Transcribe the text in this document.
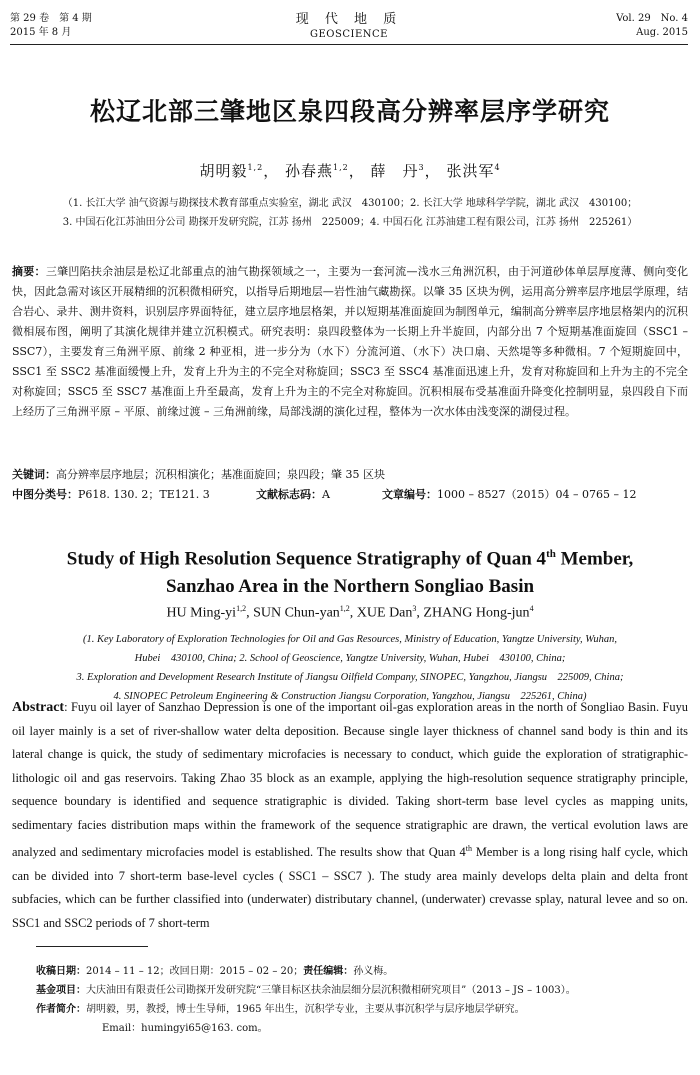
第 29 卷　第 4 期
2015 年 8 月
现 代 地 质
GEOSCIENCE
Vol. 29　No. 4
Aug. 2015
松辽北部三肇地区泉四段高分辨率层序学研究
胡明毅$^{1,2}$， 孙春燕$^{1,2}$， 薛　丹$^3$， 张洪军$^4$
（1. 长江大学 油气资源与勘探技术教育部重点实验室，湖北 武汉　430100；2. 长江大学 地球科学学院，湖北 武汉　430100；
3. 中国石化江苏油田分公司 勘探开发研究院，江苏 扬州　225009；4. 中国石化 江苏油建工程有限公司，江苏 扬州　225261）
摘要：三肇凹陷扶余油层是松辽北部重点的油气勘探领域之一，主要为一套河流—浅水三角洲沉积，由于河道砂体单层厚度薄、侧向变化快，因此急需对该区开展精细的沉积微相研究，以指导后期地层—岩性油气藏勘探。以肇 35 区块为例，运用高分辨率层序地层学原理，结合岩心、录井、测井资料，识别层序界面特征，建立层序地层格架，并以短期基准面旋回为制图单元，编制高分辨率层序地层格架内的沉积微相展布图，阐明了其演化规律并建立沉积模式。研究表明：泉四段整体为一长期上升半旋回，内部分出 7 个短期基准面旋回（SSC1 – SSC7），主要发育三角洲平原、前缘 2 种亚相，进一步分为（水下）分流河道、（水下）决口扇、天然堤等多种微相。7 个短期旋回中，SSC1 至 SSC2 基准面缓慢上升，发育上升为主的不完全对称旋回；SSC3 至 SSC4 基准面迅速上升，发育对称旋回和上升为主的不完全对称旋回；SSC5 至 SSC7 基准面上升至最高，发育上升为主的不完全对称旋回。沉积相展布受基准面升降变化控制明显，泉四段自下而上经历了三角洲平原 – 平原、前缘过渡 – 三角洲前缘，局部浅湖的演化过程，整体为一次水体由浅变深的湖侵过程。
关键词：高分辨率层序地层；沉积相演化；基准面旋回；泉四段；肇 35 区块
中图分类号：P618. 130. 2；TE121. 3	文献标志码：A	文章编号：1000 – 8527（2015）04 – 0765 – 12
Study of High Resolution Sequence Stratigraphy of Quan 4th Member,
Sanzhao Area in the Northern Songliao Basin
HU Ming-yi$^{1,2}$, SUN Chun-yan$^{1,2}$, XUE Dan$^3$, ZHANG Hong-jun$^4$
(1. Key Laboratory of Exploration Technologies for Oil and Gas Resources, Ministry of Education, Yangtze University, Wuhan,
Hubei　430100, China; 2. School of Geoscience, Yangtze University, Wuhan, Hubei　430100, China;
3. Exploration and Development Research Institute of Jiangsu Oilfield Company, SINOPEC, Yangzhou, Jiangsu　225009, China;
4. SINOPEC Petroleum Engineering & Construction Jiangsu Corporation, Yangzhou, Jiangsu　225261, China)
Abstract: Fuyu oil layer of Sanzhao Depression is one of the important oil-gas exploration areas in the north of Songliao Basin. Fuyu oil layer mainly is a set of river-shallow water delta deposition. Because single layer thickness of channel sand body is thin and its lateral change is quick, the study of sedimentary microfacies is necessary to conduct, which guide the exploration of stratigraphic-lithologic oil and gas reservoirs. Taking Zhao 35 block as an example, applying the high-resolution sequence stratigraphy principle, sequence boundary is identified and sequence stratigraphic is divided. Taking short-term base level cycles as mapping units, sedimentary facies distribution maps within the framework of the sequence stratigraphic are drawn, the vertical evolution laws are analyzed and sedimentary microfacies model is established. The results show that Quan 4th Member is a long rising half cycle, which can be divided into 7 short-term base-level cycles ( SSC1 – SSC7 ). The study area mainly develops delta plain and delta front subfacies, which can be further classified into (underwater) distributary channel, (underwater) crevasse splay, natural levee and so on. SSC1 and SSC2 periods of 7 short-term
收稿日期：2014 – 11 – 12；改回日期：2015 – 02 – 20；责任编辑：孙义梅。
基金项目：大庆油田有限责任公司勘探开发研究院“三肇目标区扶余油层细分层沉积微相研究项目”（2013 – JS – 1003）。
作者简介：胡明毅，男，教授，博士生导师，1965 年出生，沉积学专业，主要从事沉积学与层序地层学研究。
Email：humingyi65@163. com。
